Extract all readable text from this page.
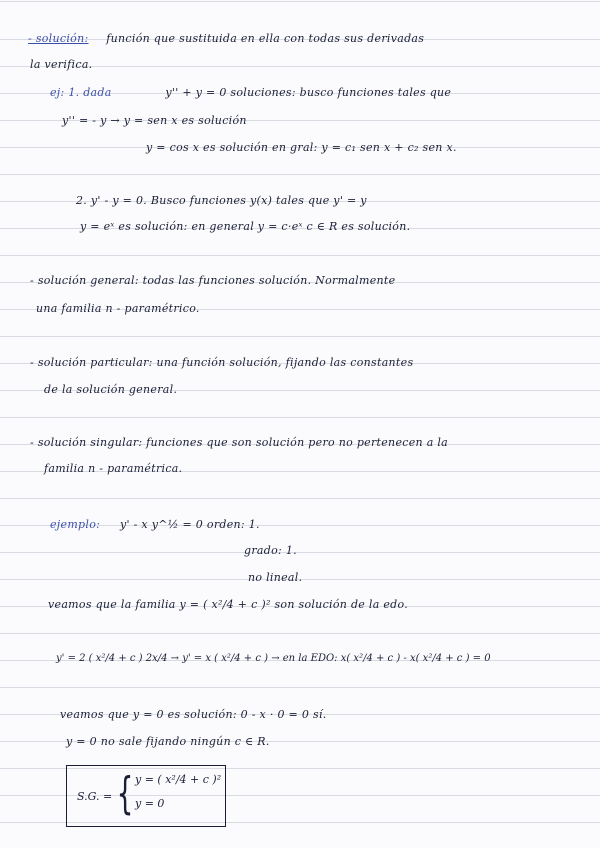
- solución: función que sustituida en ella con todas sus derivadas
la verifica.
ej: 1. dada	y'' + y = 0 soluciones: busco funciones tales que
y'' = - y → y = sen x es solución
y = cos x es solución en gral: y = c₁ sen x + c₂ sen x.
2. y' - y = 0. Busco funciones y(x) tales que y' = y
y = eˣ es solución: en general y = c·eˣ c ∈ R es solución.
- solución general: todas las funciones solución. Normalmente
una familia n - paramétrico.
- solución particular: una función solución, fijando las constantes
de la solución general.
- solución singular: funciones que son solución pero no pertenecen a la
familia n - paramétrica.
ejemplo: y' - x y^½ = 0 orden: 1.
grado: 1.
no lineal.
veamos que la familia y = ( x²/4 + c )² son solución de la edo.
y' = 2 ( x²/4 + c ) 2x/4 → y' = x ( x²/4 + c ) → en la EDO: x( x²/4 + c ) - x( x²/4 + c ) = 0
veamos que y = 0 es solución: 0 - x · 0 = 0 sí.
y = 0 no sale fijando ningún c ∈ R.
S.G. = { y = ( x²/4 + c )²
y = 0
